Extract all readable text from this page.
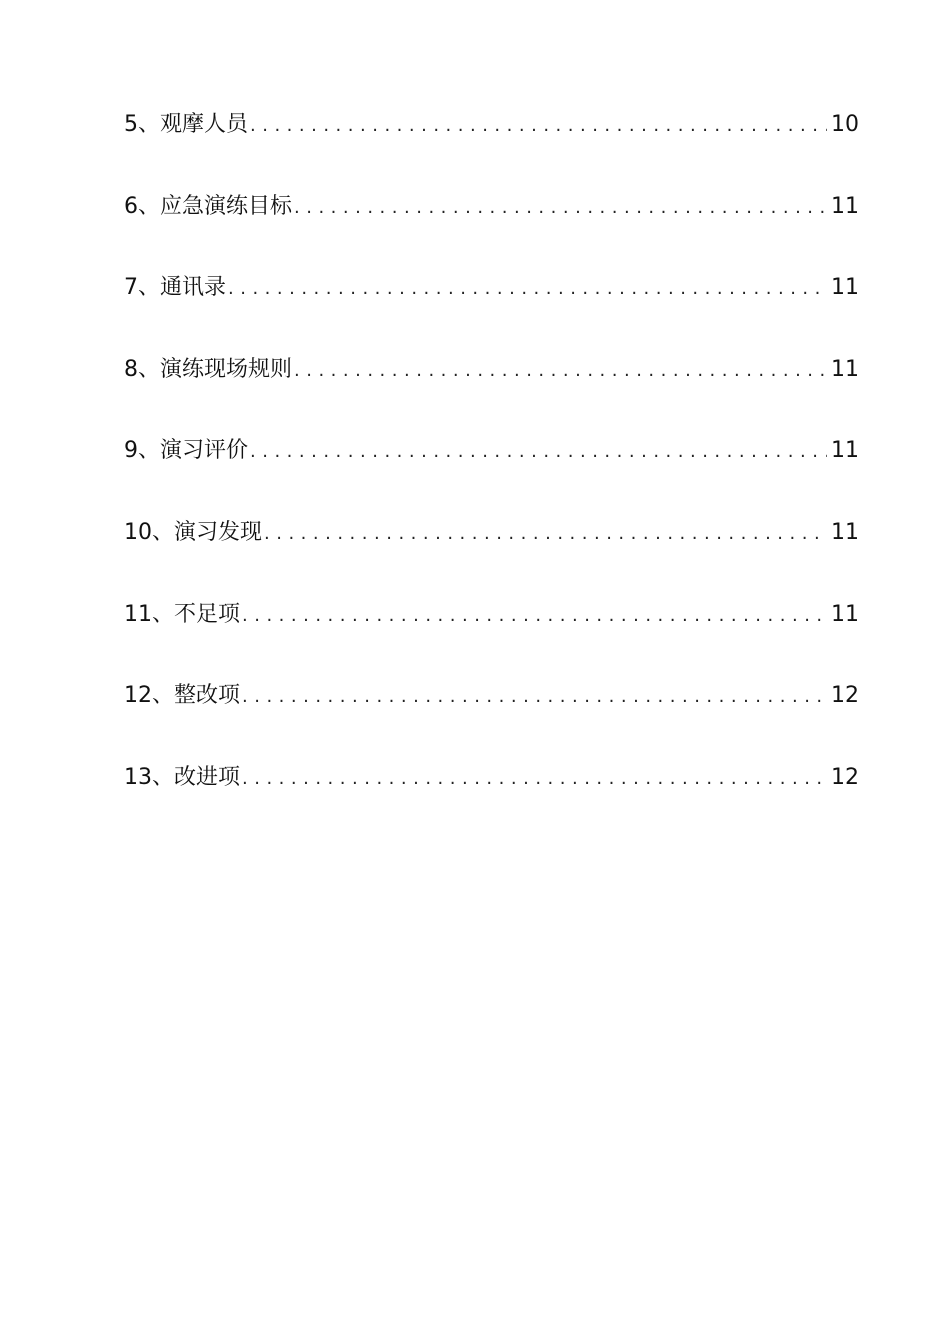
5、观摩人员 .....	10
6、应急演练目标 .....	11
7、通讯录 .....	11
8、演练现场规则 .....	11
9、演习评价 .....	11
10、演习发现 .....	11
11、不足项 .....	11
12、整改项 .....	12
13、改进项 .....	12
